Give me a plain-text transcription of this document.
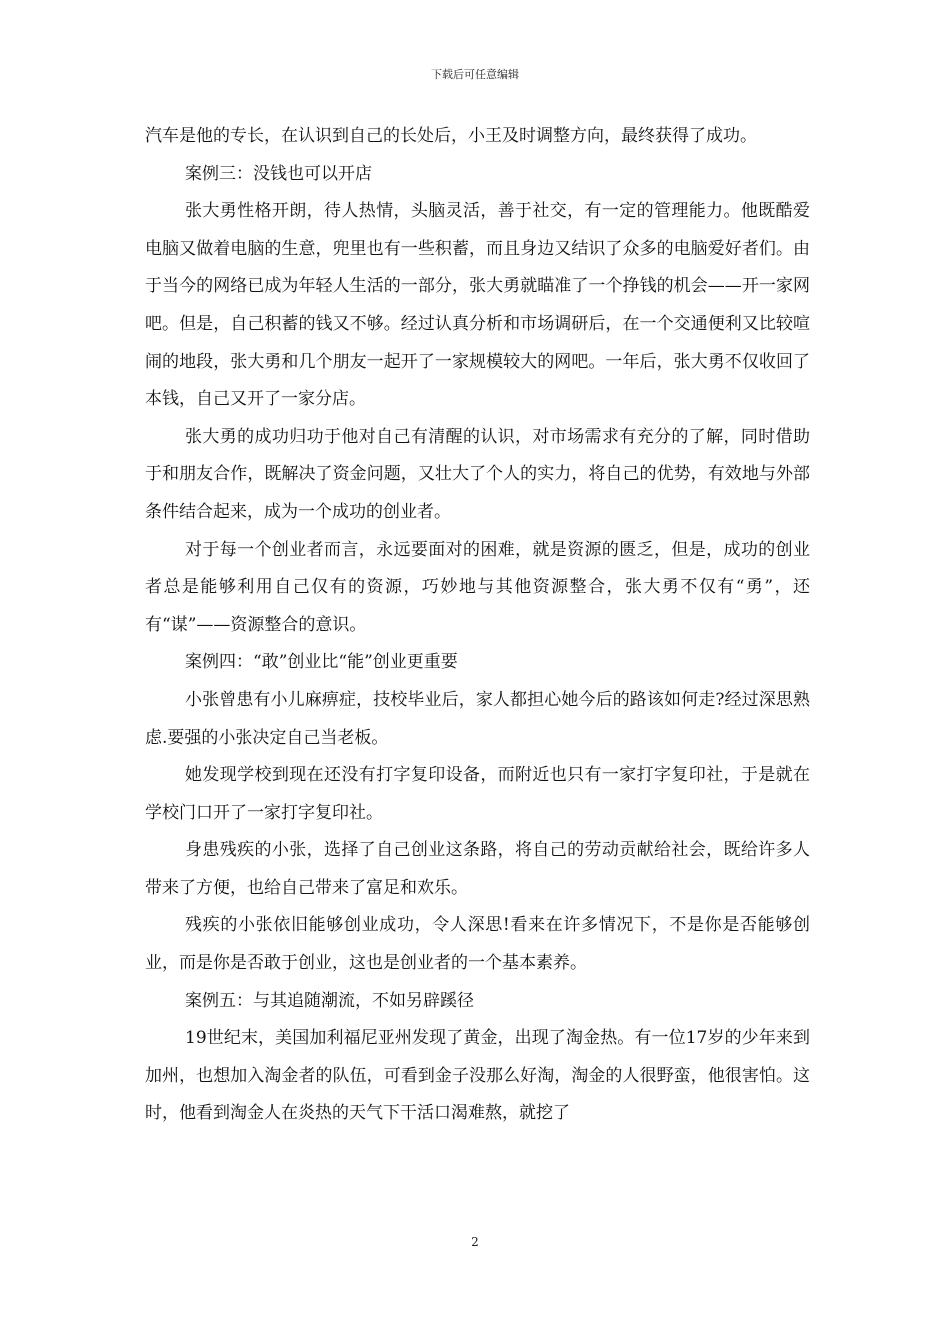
下载后可任意编辑

汽车是他的专长，在认识到自己的长处后，小王及时调整方向，最终获得了成功。

案例三：没钱也可以开店

张大勇性格开朗，待人热情，头脑灵活，善于社交，有一定的管理能力。他既酷爱电脑又做着电脑的生意，兜里也有一些积蓄，而且身边又结识了众多的电脑爱好者们。由于当今的网络已成为年轻人生活的一部分，张大勇就瞄准了一个挣钱的机会——开一家网吧。但是，自己积蓄的钱又不够。经过认真分析和市场调研后，在一个交通便利又比较喧闹的地段，张大勇和几个朋友一起开了一家规模较大的网吧。一年后，张大勇不仅收回了本钱，自己又开了一家分店。

张大勇的成功归功于他对自己有清醒的认识，对市场需求有充分的了解，同时借助于和朋友合作，既解决了资金问题，又壮大了个人的实力，将自己的优势，有效地与外部条件结合起来，成为一个成功的创业者。

对于每一个创业者而言，永远要面对的困难，就是资源的匮乏，但是，成功的创业者总是能够利用自己仅有的资源，巧妙地与其他资源整合，张大勇不仅有“勇”，还有“谋”——资源整合的意识。

案例四：“敢”创业比“能”创业更重要

小张曾患有小儿麻痹症，技校毕业后，家人都担心她今后的路该如何走?经过深思熟虑.要强的小张决定自己当老板。

她发现学校到现在还没有打字复印设备，而附近也只有一家打字复印社，于是就在学校门口开了一家打字复印社。

身患残疾的小张，选择了自己创业这条路，将自己的劳动贡献给社会，既给许多人带来了方便，也给自己带来了富足和欢乐。

残疾的小张依旧能够创业成功，令人深思!看来在许多情况下，不是你是否能够创业，而是你是否敢于创业，这也是创业者的一个基本素养。

案例五：与其追随潮流，不如另辟蹊径

19世纪末，美国加利福尼亚州发现了黄金，出现了淘金热。有一位17岁的少年来到加州，也想加入淘金者的队伍，可看到金子没那么好淘，淘金的人很野蛮，他很害怕。这时，他看到淘金人在炎热的天气下干活口渴难熬，就挖了

2
